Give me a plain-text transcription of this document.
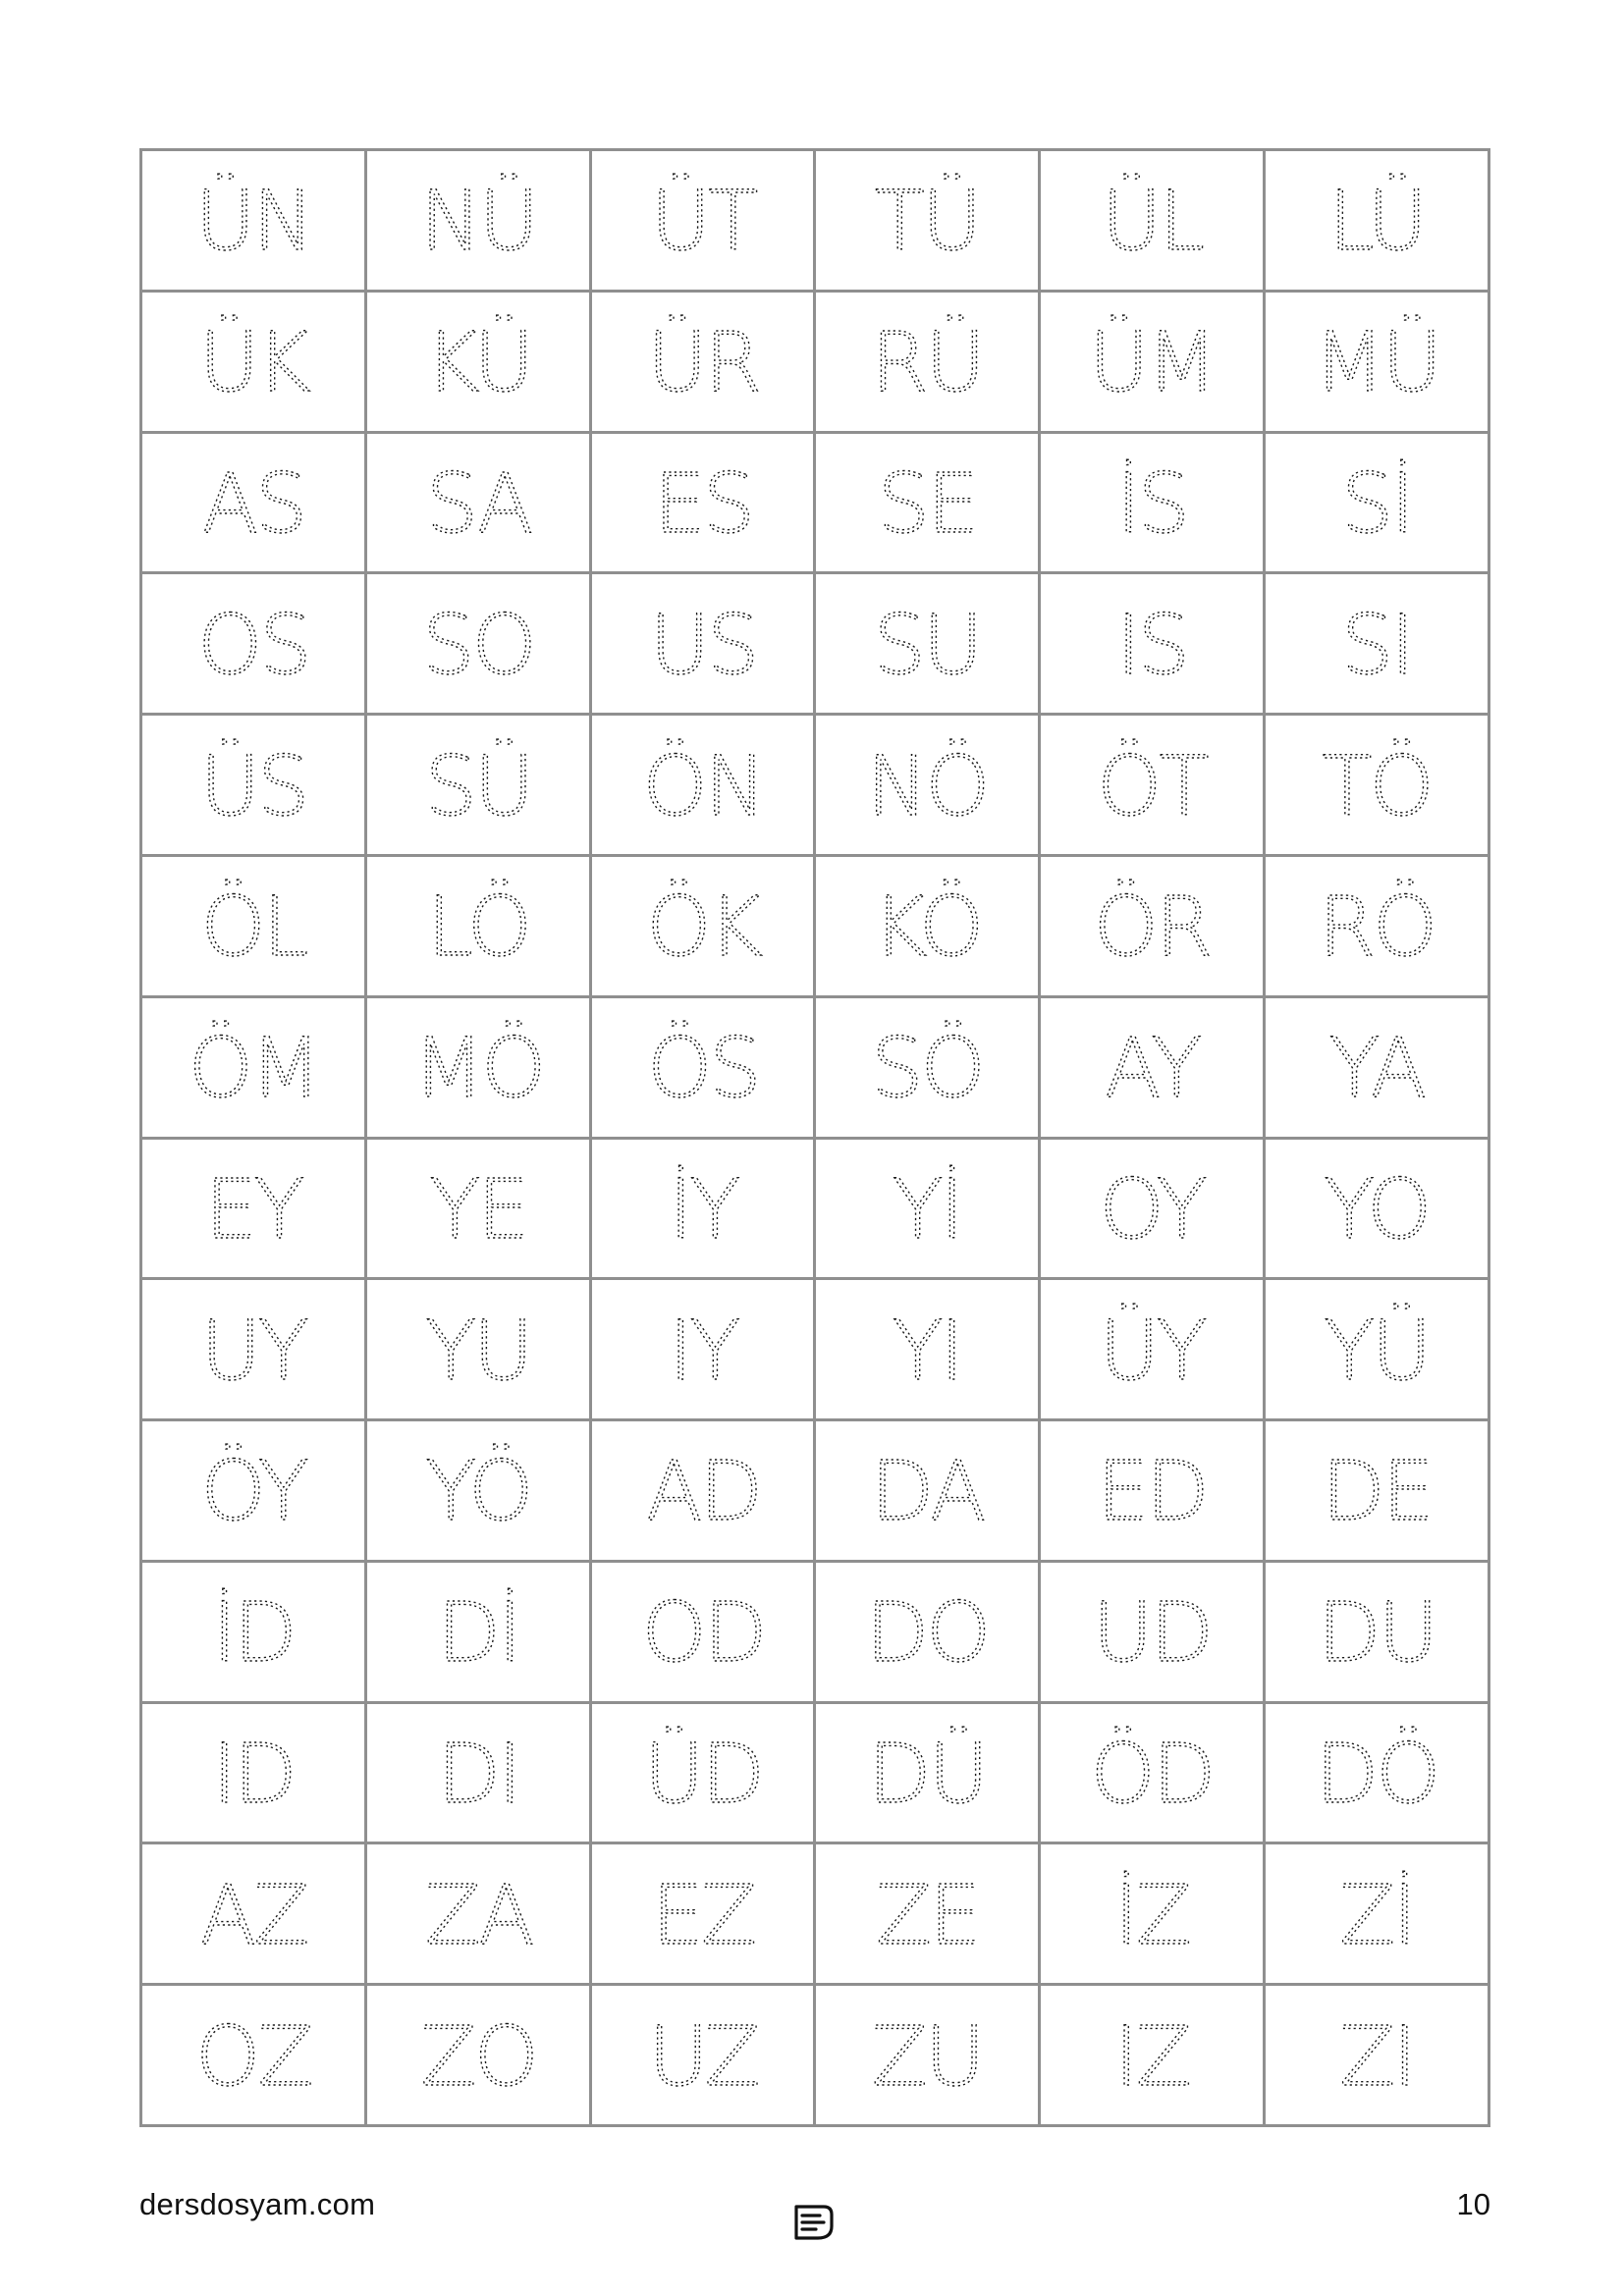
ÜN NÜ ÜT TÜ ÜL LÜ
ÜK KÜ ÜR RÜ ÜM MÜ
AS SA ES SE İS Sİ
OS SO US SU IS SI
ÜS SÜ ÖN NÖ ÖT TÖ
ÖL LÖ ÖK KÖ ÖR RÖ
ÖM MÖ ÖS SÖ AY YA
EY YE İY Yİ OY YO
UY YU IY YI ÜY YÜ
ÖY YÖ AD DA ED DE
İD Dİ OD DO UD DU
ID DI ÜD DÜ ÖD DÖ
AZ ZA EZ ZE İZ Zİ
OZ ZO UZ ZU IZ ZI
dersdosyam.com	10
